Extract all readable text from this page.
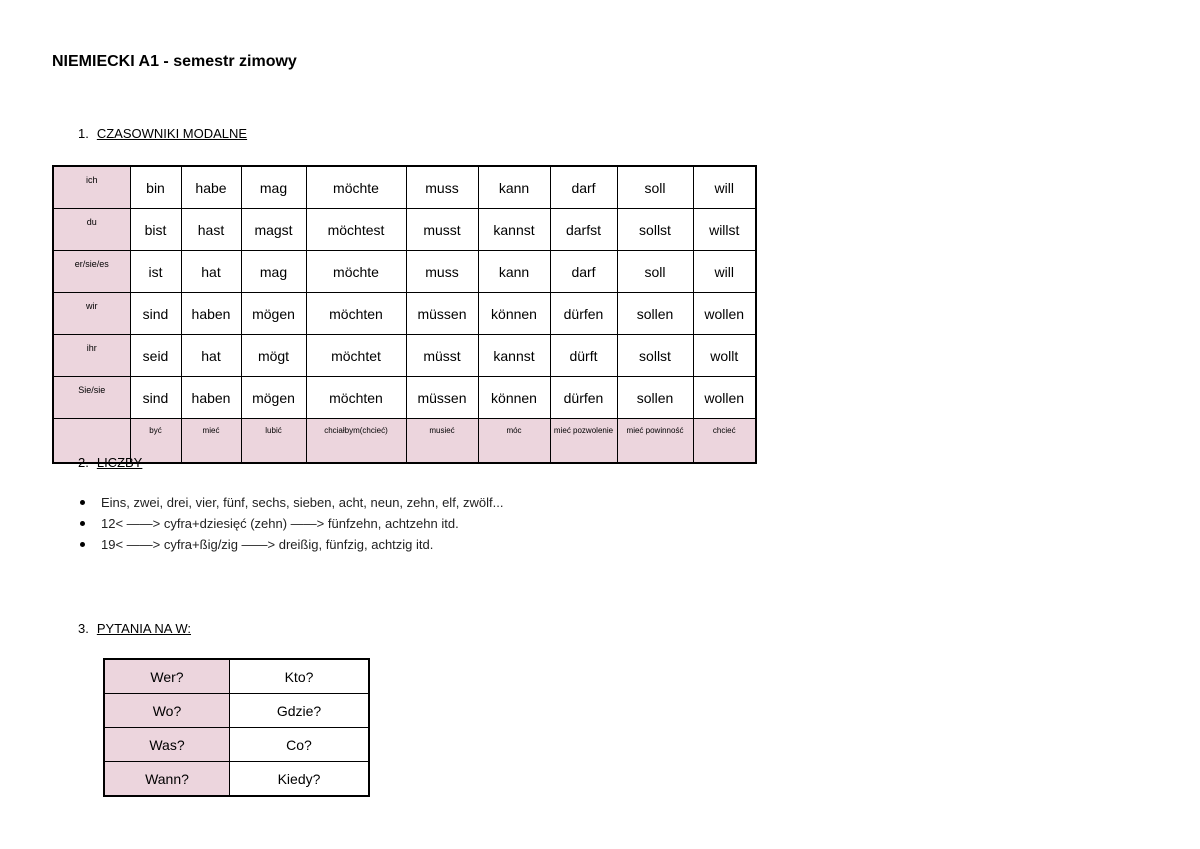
NIEMIECKI A1 - semestr zimowy
1. CZASOWNIKI MODALNE
ich	bin	habe	mag	möchte	muss	kann	darf	soll	will
du	bist	hast	magst	möchtest	musst	kannst	darfst	sollst	willst
er/sie/es	ist	hat	mag	möchte	muss	kann	darf	soll	will
wir	sind	haben	mögen	möchten	müssen	können	dürfen	sollen	wollen
ihr	seid	hat	mögt	möchtet	müsst	kannst	dürft	sollst	wollt
Sie/sie	sind	haben	mögen	möchten	müssen	können	dürfen	sollen	wollen
	być	mieć	lubić	chciałbym(chcieć)	musieć	móc	mieć pozwolenie	mieć powinność	chcieć
2. LICZBY
Eins, zwei, drei, vier, fünf, sechs, sieben, acht, neun, zehn, elf, zwölf...
12< ——> cyfra+dziesięć (zehn) ——> fünfzehn, achtzehn itd.
19< ——> cyfra+ßig/zig ——> dreißig, fünfzig, achtzig itd.
3. PYTANIA NA W:
Wer?	Kto?
Wo?	Gdzie?
Was?	Co?
Wann?	Kiedy?
